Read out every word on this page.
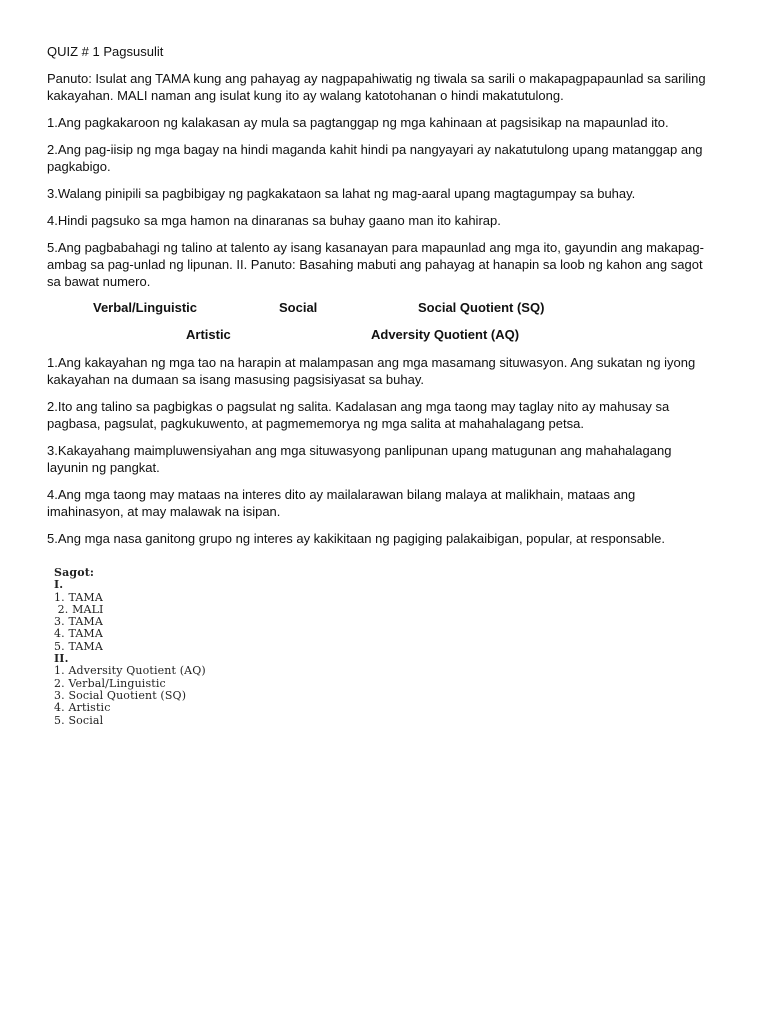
QUIZ # 1 Pagsusulit

Panuto: Isulat ang TAMA kung ang pahayag ay nagpapahiwatig ng tiwala sa sarili o makapagpapaunlad sa sariling kakayahan. MALI naman ang isulat kung ito ay walang katotohanan o hindi makatutulong.

1.Ang pagkakaroon ng kalakasan ay mula sa pagtanggap ng mga kahinaan at pagsisikap na mapaunlad ito.

2.Ang pag-iisip ng mga bagay na hindi maganda kahit hindi pa nangyayari ay nakatutulong upang matanggap ang pagkabigo.

3.Walang pinipili sa pagbibigay ng pagkakataon sa lahat ng mag-aaral upang magtagumpay sa buhay.

4.Hindi pagsuko sa mga hamon na dinaranas sa buhay gaano man ito kahirap.

5.Ang pagbabahagi ng talino at talento ay isang kasanayan para mapaunlad ang mga ito, gayundin ang makapag-ambag sa pag-unlad ng lipunan. II. Panuto: Basahing mabuti ang pahayag at hanapin sa loob ng kahon ang sagot sa bawat numero.

Verbal/Linguistic	Social	Social Quotient (SQ)
Artistic	Adversity Quotient (AQ)

1.Ang kakayahan ng mga tao na harapin at malampasan ang mga masamang situwasyon. Ang sukatan ng iyong kakayahan na dumaan sa isang masusing pagsisiyasat sa buhay.

2.Ito ang talino sa pagbigkas o pagsulat ng salita. Kadalasan ang mga taong may taglay nito ay mahusay sa pagbasa, pagsulat, pagkukuwento, at pagmememorya ng mga salita at mahahalagang petsa.

3.Kakayahang maimpluwensiyahan ang mga situwasyong panlipunan upang matugunan ang mahahalagang layunin ng pangkat.

4.Ang mga taong may mataas na interes dito ay mailalarawan bilang malaya at malikhain, mataas ang imahinasyon, at may malawak na isipan.

5.Ang mga nasa ganitong grupo ng interes ay kakikitaan ng pagiging palakaibigan, popular, at responsable.

Sagot:
I.
1. TAMA
2. MALI
3. TAMA
4. TAMA
5. TAMA
II.
1. Adversity Quotient (AQ)
2. Verbal/Linguistic
3. Social Quotient (SQ)
4. Artistic
5. Social
